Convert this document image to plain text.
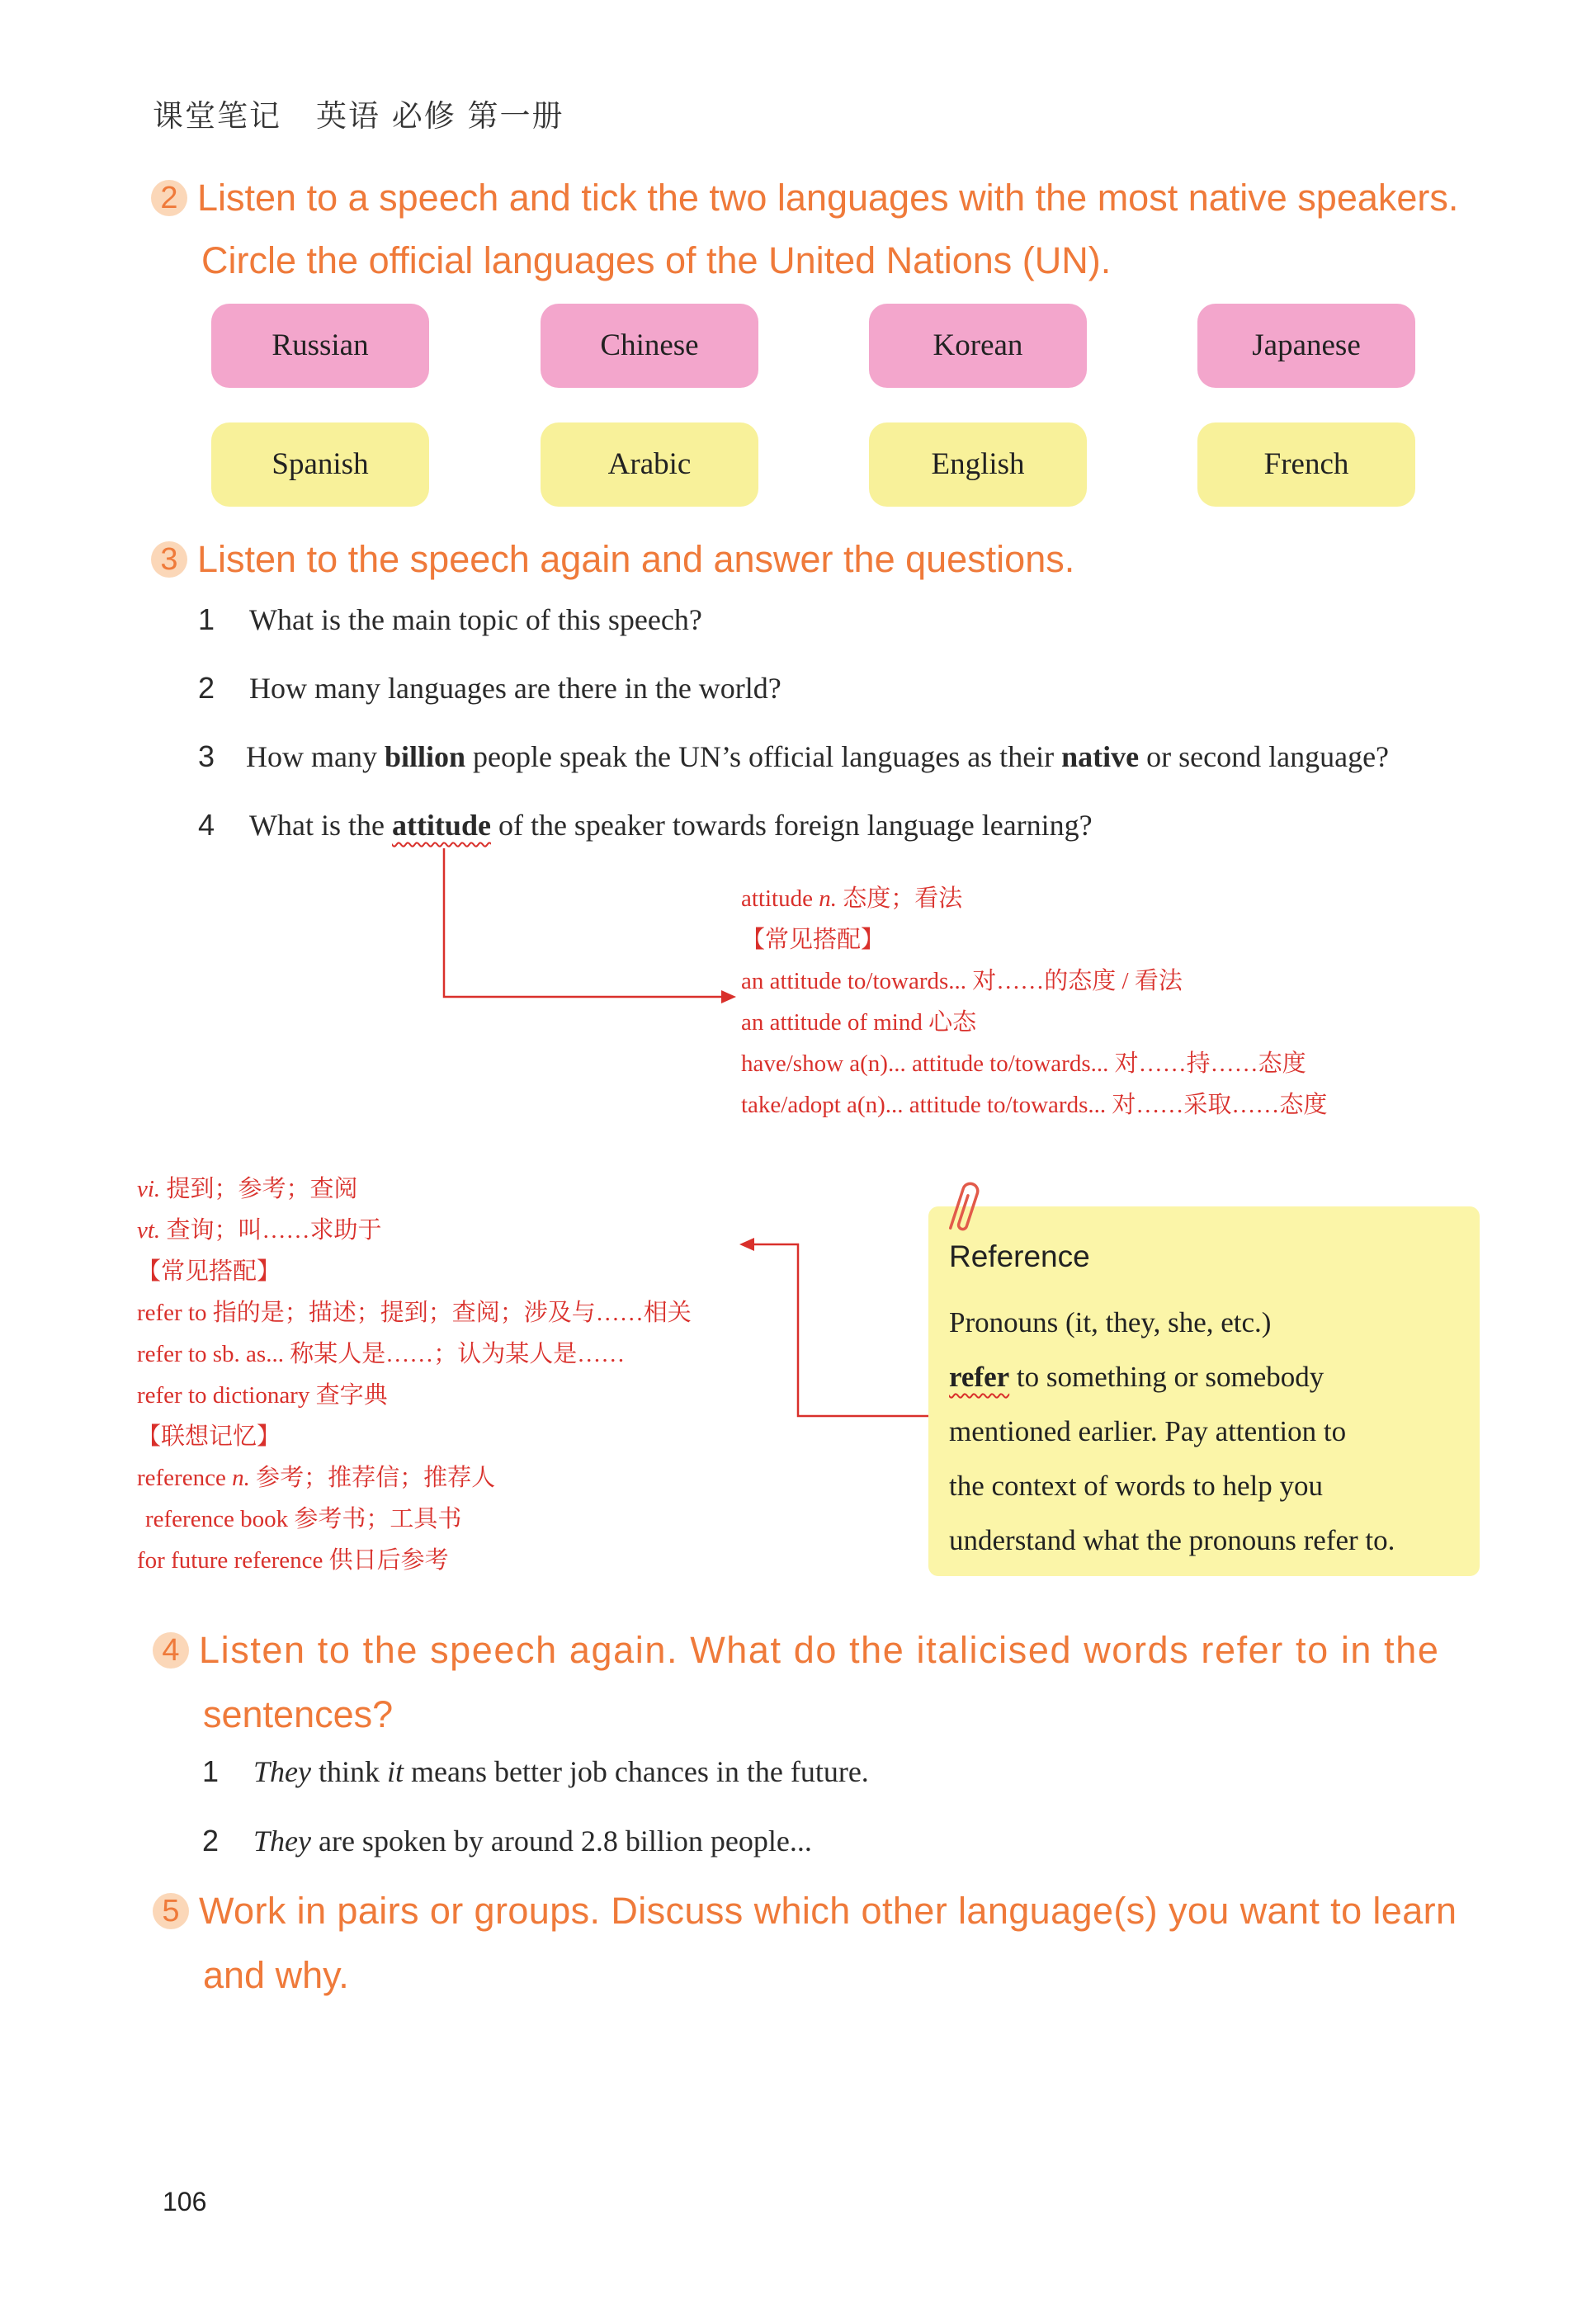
课堂笔记 英语 必修 第一册
2 Listen to a speech and tick the two languages with the most native speakers.
Circle the official languages of the United Nations (UN).
Russian	Chinese	Korean	Japanese
Spanish	Arabic	English	French
3 Listen to the speech again and answer the questions.
1 What is the main topic of this speech?
2 How many languages are there in the world?
3 How many billion people speak the UN’s official languages as their native or second language?
4 What is the attitude of the speaker towards foreign language learning?
attitude n. 态度；看法
【常见搭配】
an attitude to/towards... 对……的态度 / 看法
an attitude of mind 心态
have/show a(n)... attitude to/towards... 对……持……态度
take/adopt a(n)... attitude to/towards... 对……采取……态度
vi. 提到；参考；查阅
vt. 查询；叫……求助于
【常见搭配】
refer to 指的是；描述；提到；查阅；涉及与……相关
refer to sb. as... 称某人是……；认为某人是……
refer to dictionary 查字典
【联想记忆】
reference n. 参考；推荐信；推荐人
reference book 参考书；工具书
for future reference 供日后参考
Reference
Pronouns (it, they, she, etc.)
refer to something or somebody
mentioned earlier. Pay attention to
the context of words to help you
understand what the pronouns refer to.
4 Listen to the speech again. What do the italicised words refer to in the
sentences?
1 They think it means better job chances in the future.
2 They are spoken by around 2.8 billion people...
5 Work in pairs or groups. Discuss which other language(s) you want to learn
and why.
106
